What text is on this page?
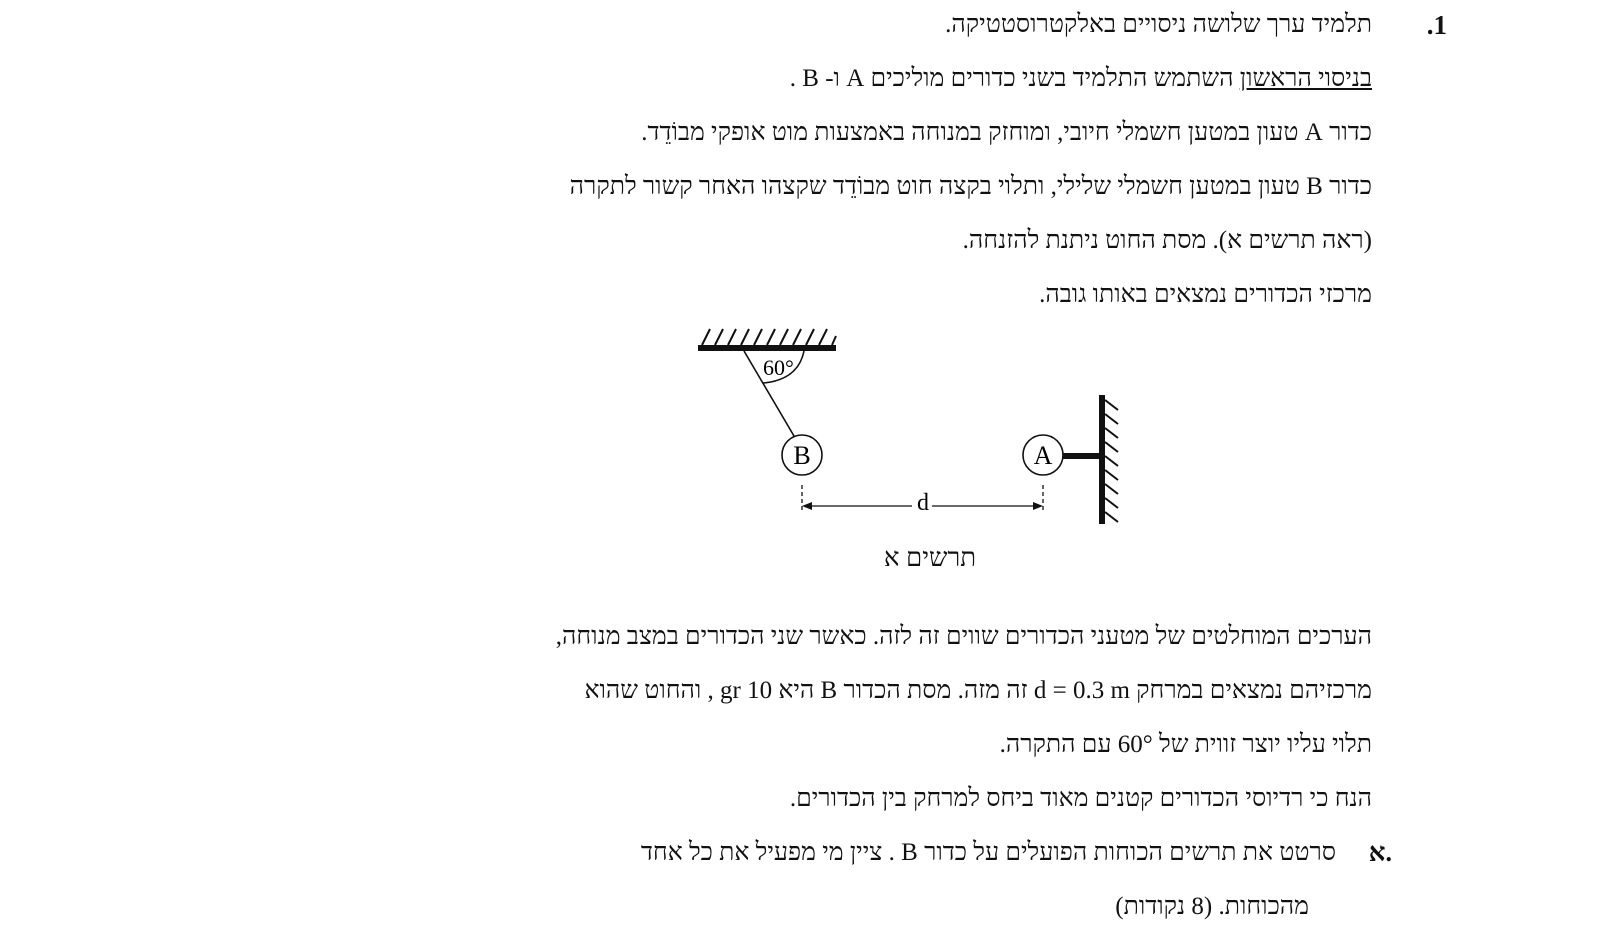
.1
תלמיד ערך שלושה ניסויים באלקטרוסטטיקה.
בניסוי הראשון השתמש התלמיד בשני כדורים מוליכים A ו- B .
כדור A טעון במטען חשמלי חיובי, ומוחזק במנוחה באמצעות מוט אופקי מבוֹדֵד.
כדור B טעון במטען חשמלי שלילי, ותלוי בקצה חוט מבוֹדֵד שקצהו האחר קשור לתקרה
(ראה תרשים א). מסת החוט ניתנת להזנחה.
מרכזי הכדורים נמצאים באותו גובה.
60°
B	A
d
תרשים א
הערכים המוחלטים של מטעני הכדורים שווים זה לזה. כאשר שני הכדורים במצב מנוחה,
מרכזיהם נמצאים במרחק d = 0.3 m זה מזה. מסת הכדור B היא 10 gr , והחוט שהוא
תלוי עליו יוצר זווית של 60° עם התקרה.
הנח כי רדיוסי הכדורים קטנים מאוד ביחס למרחק בין הכדורים.
א.
סרטט את תרשים הכוחות הפועלים על כדור B . ציין מי מפעיל את כל אחד
מהכוחות. (8 נקודות)
